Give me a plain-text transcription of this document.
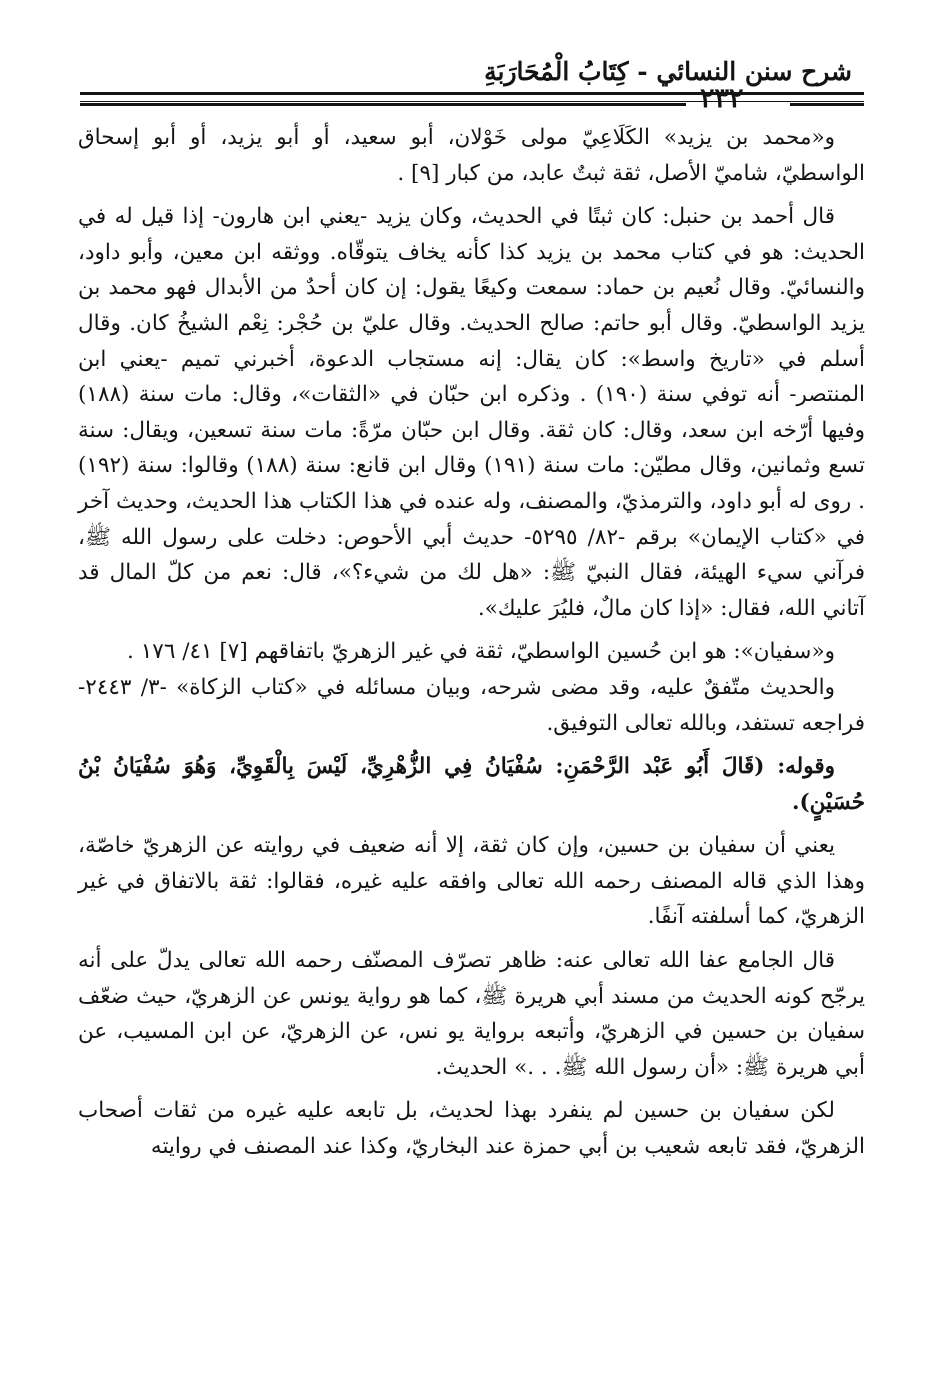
شرح سنن النسائي - كِتَابُ الْمُحَارَبَةِ
٢٣٢

و«محمد بن يزيد» الكَلَاعِيّ مولى خَوْلان، أبو سعيد، أو أبو يزيد، أو أبو إسحاق الواسطيّ، شاميّ الأصل، ثقة ثبتٌ عابد، من كبار [٩] .

قال أحمد بن حنبل: كان ثبتًا في الحديث، وكان يزيد -يعني ابن هارون- إذا قيل له في الحديث: هو في كتاب محمد بن يزيد كذا كأنه يخاف يتوقّاه. ووثقه ابن معين، وأبو داود، والنسائيّ. وقال نُعيم بن حماد: سمعت وكيعًا يقول: إن كان أحدٌ من الأبدال فهو محمد بن يزيد الواسطيّ. وقال أبو حاتم: صالح الحديث. وقال عليّ بن حُجْر: نِعْم الشيخُ كان. وقال أسلم في «تاريخ واسط»: كان يقال: إنه مستجاب الدعوة، أخبرني تميم -يعني ابن المنتصر- أنه توفي سنة (١٩٠) . وذكره ابن حبّان في «الثقات»، وقال: مات سنة (١٨٨) وفيها أرّخه ابن سعد، وقال: كان ثقة. وقال ابن حبّان مرّةً: مات سنة تسعين، ويقال: سنة تسع وثمانين، وقال مطيّن: مات سنة (١٩١) وقال ابن قانع: سنة (١٨٨) وقالوا: سنة (١٩٢) . روى له أبو داود، والترمذيّ، والمصنف، وله عنده في هذا الكتاب هذا الحديث، وحديث آخر في «كتاب الإيمان» برقم -٨٢/ ٥٢٩٥- حديث أبي الأحوص: دخلت على رسول الله ﷺ، فرآني سيء الهيئة، فقال النبيّ ﷺ: «هل لك من شيء؟»، قال: نعم من كلّ المال قد آتاني الله، فقال: «إذا كان مالٌ، فليُرَ عليك».

و«سفيان»: هو ابن حُسين الواسطيّ، ثقة في غير الزهريّ باتفاقهم [٧] ٤١/ ١٧٦ .

والحديث متّفقٌ عليه، وقد مضى شرحه، وبيان مسائله في «كتاب الزكاة» -٣/ ٢٤٤٣- فراجعه تستفد، وبالله تعالى التوفيق.

وقوله: (قَالَ أَبُو عَبْد الرَّحْمَنِ: سُفْيَانُ فِي الزُّهْرِيِّ، لَيْسَ بِالْقَوِيِّ، وَهُوَ سُفْيَانُ بْنُ حُسَيْنٍ).

يعني أن سفيان بن حسين، وإن كان ثقة، إلا أنه ضعيف في روايته عن الزهريّ خاصّة، وهذا الذي قاله المصنف رحمه الله تعالى وافقه عليه غيره، فقالوا: ثقة بالاتفاق في غير الزهريّ، كما أسلفته آنفًا.

قال الجامع عفا الله تعالى عنه: ظاهر تصرّف المصنّف رحمه الله تعالى يدلّ على أنه يرجّح كونه الحديث من مسند أبي هريرة ﷺ، كما هو رواية يونس عن الزهريّ، حيث ضعّف سفيان بن حسين في الزهريّ، وأتبعه برواية يو نس، عن الزهريّ، عن ابن المسيب، عن أبي هريرة ﷺ: «أن رسول الله ﷺ. . .» الحديث.

لكن سفيان بن حسين لم ينفرد بهذا لحديث، بل تابعه عليه غيره من ثقات أصحاب الزهريّ، فقد تابعه شعيب بن أبي حمزة عند البخاريّ، وكذا عند المصنف في روايته
